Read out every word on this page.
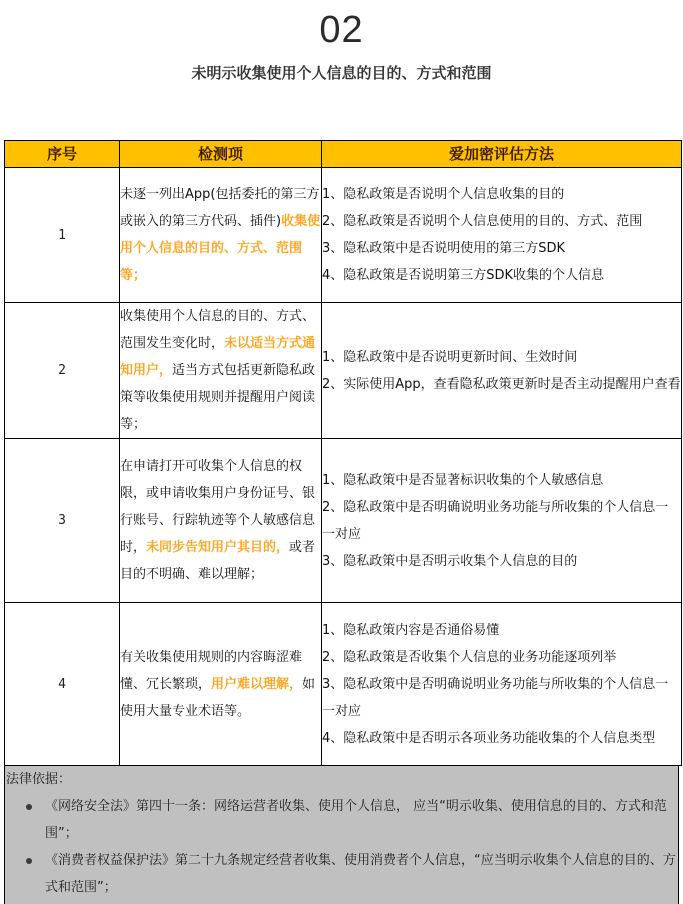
02
未明示收集使用个人信息的目的、方式和范围
序号	检测项	爱加密评估方法
1	未逐一列出App(包括委托的第三方或嵌入的第三方代码、插件)收集使用个人信息的目的、方式、范围等；	1、隐私政策是否说明个人信息收集的目的
2、隐私政策是否说明个人信息使用的目的、方式、范围
3、隐私政策中是否说明使用的第三方SDK
4、隐私政策是否说明第三方SDK收集的个人信息

2	收集使用个人信息的目的、方式、范围发生变化时，未以适当方式通知用户，适当方式包括更新隐私政策等收集使用规则并提醒用户阅读等；	1、隐私政策中是否说明更新时间、生效时间
2、实际使用App，查看隐私政策更新时是否主动提醒用户查看

3	在申请打开可收集个人信息的权限，或申请收集用户身份证号、银行账号、行踪轨迹等个人敏感信息时，未同步告知用户其目的，或者目的不明确、难以理解；	1、隐私政策中是否显著标识收集的个人敏感信息
2、隐私政策中是否明确说明业务功能与所收集的个人信息一一对应
3、隐私政策中是否明示收集个人信息的目的

4	有关收集使用规则的内容晦涩难懂、冗长繁琐，用户难以理解，如使用大量专业术语等。	1、隐私政策内容是否通俗易懂
2、隐私政策是否收集个人信息的业务功能逐项列举
3、隐私政策中是否明确说明业务功能与所收集的个人信息一一对应
4、隐私政策中是否明示各项业务功能收集的个人信息类型
法律依据：
《网络安全法》第四十一条：网络运营者收集、使用个人信息， 应当“明示收集、使用信息的目的、方式和范围”；
《消费者权益保护法》第二十九条规定经营者收集、使用消费者个人信息，“应当明示收集个人信息的目的、方式和范围”；
